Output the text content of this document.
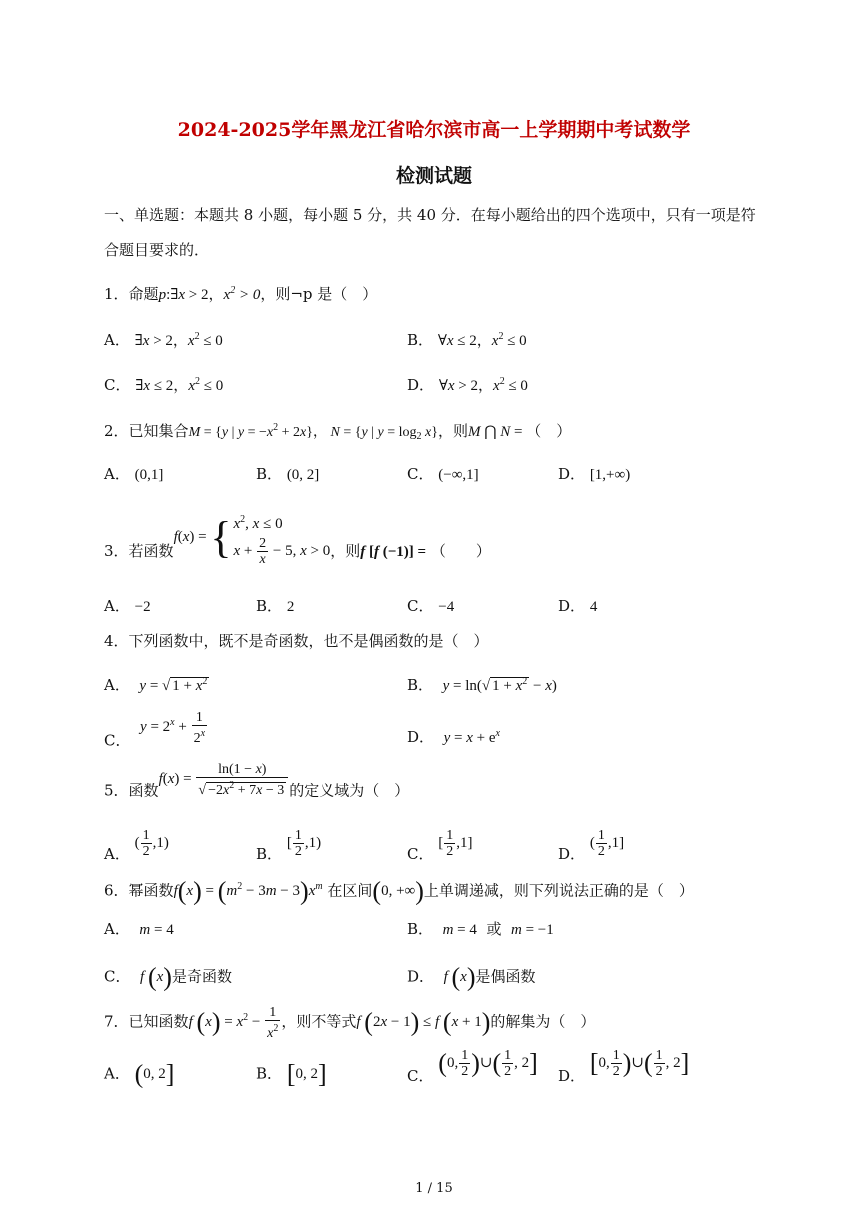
2024-2025学年黑龙江省哈尔滨市高一上学期期中考试数学
检测试题
一、单选题：本题共 8 小题，每小题 5 分，共 40 分．在每小题给出的四个选项中，只有一项是符
合题目要求的．
1．命题p:∃x > 2，$x^2 > 0$，则¬p 是（　）
A． ∃x > 2，$x^2 \le 0$	B． ∀x ≤ 2，$x^2 \le 0$
C． ∃x ≤ 2，$x^2 \le 0$	D． ∀x > 2，$x^2 \le 0$
2．已知集合M = {y | $y = -x^2 + 2x$}， N = {y | $y = \log_2 x$}，则M ⋂ N = （　）
A． (0,1]	B． (0, 2]	C． (−∞,1]	D． [1,+∞)
3．若函数f(x) = { $x^2$, x ≤ 0
$x + \frac{2}{x} - 5$, x > 0 ，则f [f (−1)] = （　　）
A． −2	B． 2	C． −4	D． 4
4．下列函数中，既不是奇函数，也不是偶函数的是（　）
A． y = √ $1 + x^2$	B． y = ln(√ $1 + x^2 - x$)
C．  $y = 2^x + \frac{1}{2^x}$	D． $y = x + e^x$
5．函数$f(x) = \frac{\ln(1 - x)}{√ -2x^2 + 7x - 3}$ 的定义域为（　）
A． ( $\frac{1}{2} ,1$)
B． [ $\frac{1}{2} ,1$)
C． [ $\frac{1}{2} ,1$]
D． ( $\frac{1}{2} ,1$]
6．幂函数$f(x) = (m^2 - 3m - 3)x^m$ 在区间(0, +∞)上单调递减，则下列说法正确的是（　）
A． m = 4	B． m = 4 或 m = −1
C． f (x)是奇函数	D． f (x)是偶函数
7．已知函数f $(x) = x^2 - \frac{1}{x^2}$ ，则不等式f (2x − 1) ≤ f (x + 1)的解集为（　）
A． (0, 2]	B． [0, 2]	C． (0, $\frac{1}{2}$ )∪( $\frac{1}{2}$ , 2] D． [0, $\frac{1}{2}$ )∪( $\frac{1}{2}$ , 2]
1 / 15
